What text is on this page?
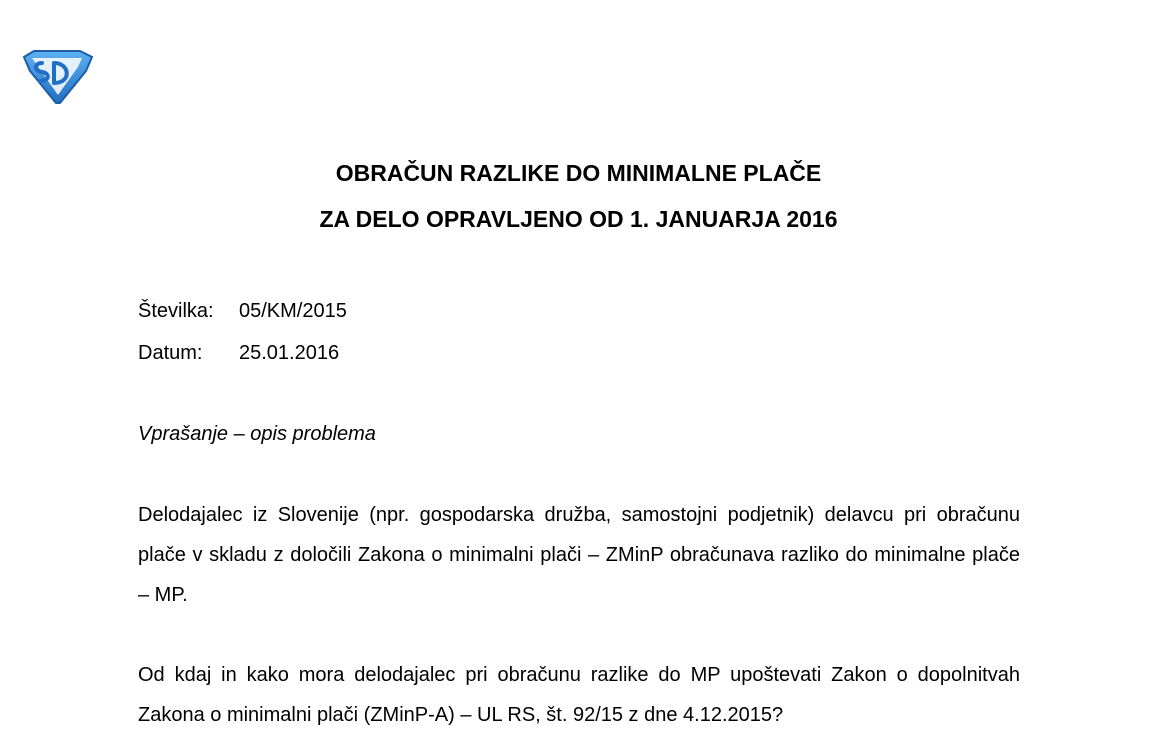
OBRAČUN RAZLIKE DO MINIMALNE PLAČE
ZA DELO OPRAVLJENO OD 1. JANUARJA 2016
Številka: 05/KM/2015
Datum: 25.01.2016
Vprašanje – opis problema

Delodajalec iz Slovenije (npr. gospodarska družba, samostojni podjetnik) delavcu pri obračunu plače v skladu z določili Zakona o minimalni plači – ZMinP obračunava razliko do minimalne plače – MP.

Od kdaj in kako mora delodajalec pri obračunu razlike do MP upoštevati Zakon o dopolnitvah Zakona o minimalni plači (ZMinP-A) – UL RS, št. 92/15 z dne 4.12.2015?
